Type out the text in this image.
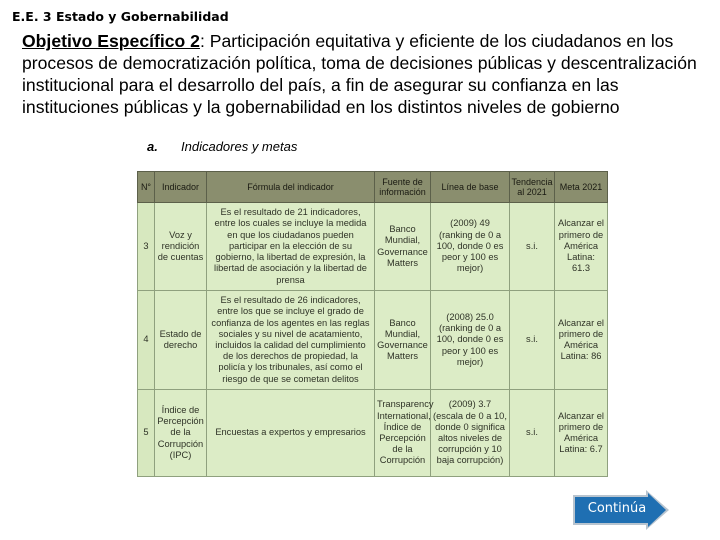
E.E. 3 Estado y Gobernabilidad
Objetivo Específico 2: Participación equitativa y eficiente de los ciudadanos en los procesos de democratización política, toma de decisiones públicas y descentralización institucional para el desarrollo del país, a fin de asegurar su confianza en las instituciones públicas y la gobernabilidad en los distintos niveles de gobierno
a. Indicadores y metas
N°	Indicador	Fórmula del indicador	Fuente de información	Línea de base	Tendencia al 2021	Meta 2021
3	Voz y rendición de cuentas	Es el resultado de 21 indicadores, entre los cuales se incluye la medida en que los ciudadanos pueden participar en la elección de su gobierno, la libertad de expresión, la libertad de asociación y la libertad de prensa	Banco Mundial, Governance Matters	(2009) 49 (ranking de 0 a 100, donde 0 es peor y 100 es mejor)	s.i.	Alcanzar el primero de América Latina: 61.3
4	Estado de derecho	Es el resultado de 26 indicadores, entre los que se incluye el grado de confianza de los agentes en las reglas sociales y su nivel de acatamiento, incluidos la calidad del cumplimiento de los derechos de propiedad, la policía y los tribunales, así como el riesgo de que se cometan delitos	Banco Mundial, Governance Matters	(2008) 25.0 (ranking de 0 a 100, donde 0 es peor y 100 es mejor)	s.i.	Alcanzar el primero de América Latina: 86
5	Índice de Percepción de la Corrupción (IPC)	Encuestas a expertos y empresarios	Transparency International, Índice de Percepción de la Corrupción	(2009) 3.7 (escala de 0 a 10, donde 0 significa altos niveles de corrupción y 10 baja corrupción)	s.i.	Alcanzar el primero de América Latina: 6.7
Continúa
